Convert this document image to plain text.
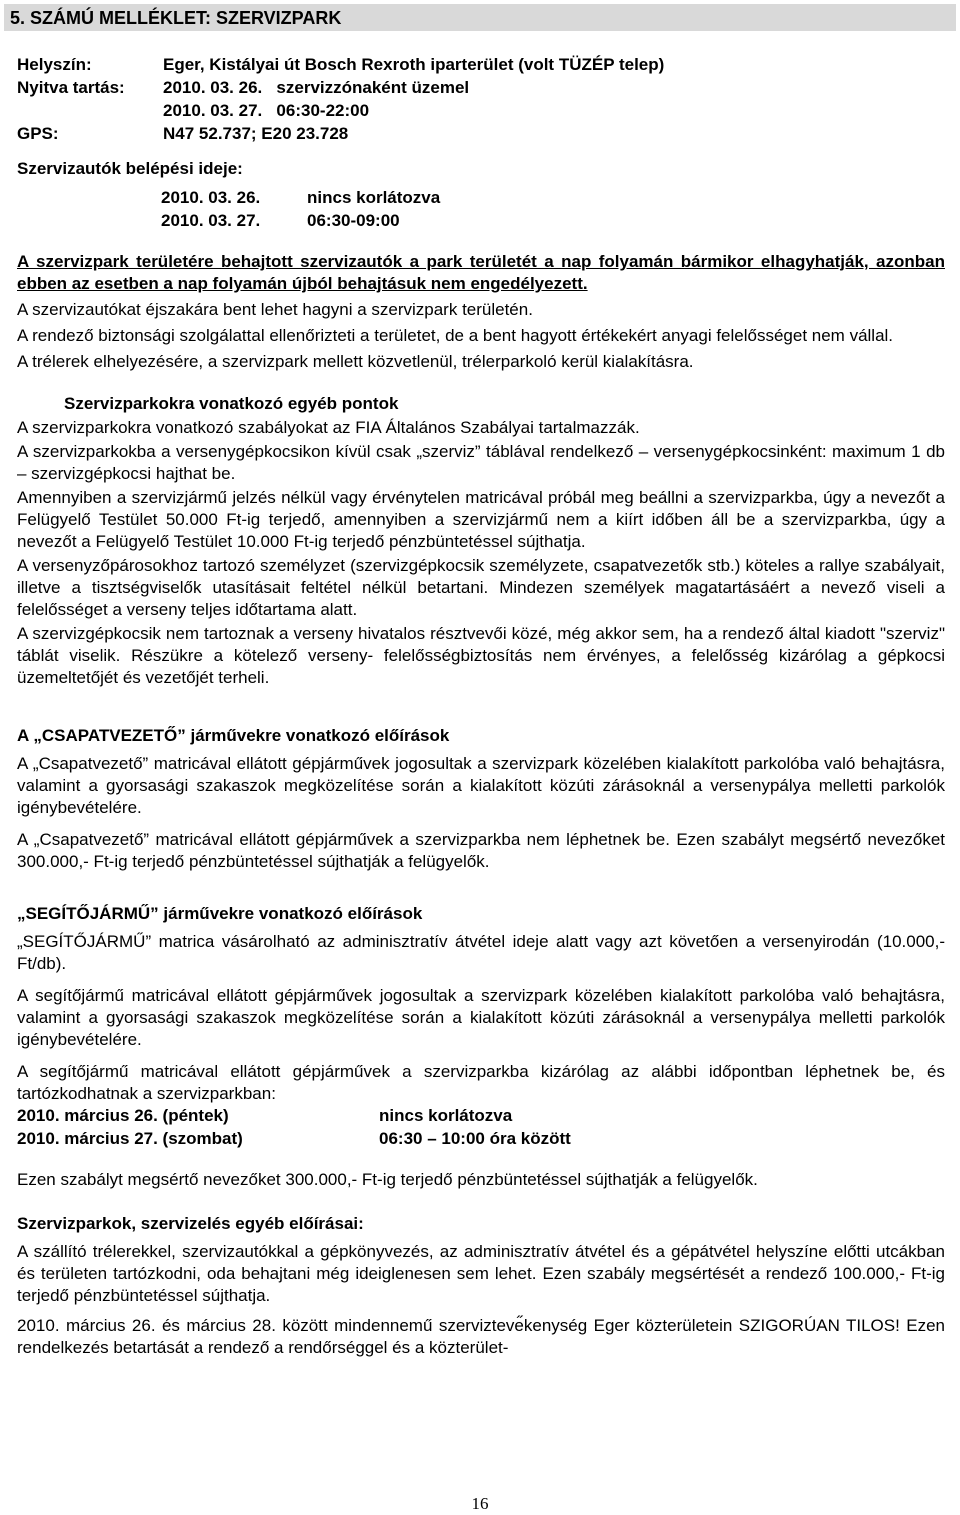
5. SZÁMÚ MELLÉKLET: SZERVIZPARK
Helyszín:	Eger, Kistályai út Bosch Rexroth iparterület (volt TÜZÉP telep)
Nyitva tartás:	2010. 03. 26.   szervizzónaként üzemel
2010. 03. 27.   06:30-22:00
GPS:	N47 52.737; E20 23.728
Szervizautók belépési ideje:
2010. 03. 26.	nincs korlátozva
2010. 03. 27.	06:30-09:00

A szervizpark területére behajtott szervizautók a park területét a nap folyamán bármikor elhagyhatják, azonban ebben az esetben a nap folyamán újból behajtásuk nem engedélyezett.

A szervizautókat éjszakára bent lehet hagyni a szervizpark területén.

A rendező biztonsági szolgálattal ellenőrizteti a területet, de a bent hagyott értékekért anyagi felelősséget nem vállal.

A trélerek elhelyezésére, a szervizpark mellett közvetlenül, trélerparkoló kerül kialakításra.

Szervizparkokra vonatkozó egyéb pontok

A szervizparkokra vonatkozó szabályokat az FIA Általános Szabályai tartalmazzák.

A szervizparkokba a versenygépkocsikon kívül csak „szerviz” táblával rendelkező – versenygépkocsinként: maximum 1 db – szervizgépkocsi hajthat be.

Amennyiben a szervizjármű jelzés nélkül vagy érvénytelen matricával próbál meg beállni a szervizparkba, úgy a nevezőt a Felügyelő Testület 50.000 Ft-ig terjedő, amennyiben a szervizjármű nem a kiírt időben áll be a szervizparkba, úgy a nevezőt a Felügyelő Testület 10.000 Ft-ig terjedő pénzbüntetéssel sújthatja.

A versenyzőpárosokhoz tartozó személyzet (szervizgépkocsik személyzete, csapatvezetők stb.) köteles a rallye szabályait, illetve a tisztségviselők utasításait feltétel nélkül betartani. Mindezen személyek magatartásáért a nevező viseli a felelősséget a verseny teljes időtartama alatt.

A szervizgépkocsik nem tartoznak a verseny hivatalos résztvevői közé, még akkor sem, ha a rendező által kiadott "szerviz" táblát viselik. Részükre a kötelező verseny- felelősségbiztosítás nem érvényes, a felelősség kizárólag a gépkocsi üzemeltetőjét és vezetőjét terheli.

A „CSAPATVEZETŐ” járművekre vonatkozó előírások

A „Csapatvezető” matricával ellátott gépjárművek jogosultak a szervizpark közelében kialakított parkolóba való behajtásra, valamint a gyorsasági szakaszok megközelítése során a kialakított közúti zárásoknál a versenypálya melletti parkolók igénybevételére.

A „Csapatvezető” matricával ellátott gépjárművek a szervizparkba nem léphetnek be. Ezen szabályt megsértő nevezőket 300.000,- Ft-ig terjedő pénzbüntetéssel sújthatják a felügyelők.

„SEGÍTŐJÁRMŰ” járművekre vonatkozó előírások

„SEGÍTŐJÁRMŰ” matrica vásárolható az adminisztratív átvétel ideje alatt vagy azt követően a versenyirodán (10.000,- Ft/db).

A segítőjármű matricával ellátott gépjárművek jogosultak a szervizpark közelében kialakított parkolóba való behajtásra, valamint a gyorsasági szakaszok megközelítése során a kialakított közúti zárásoknál a versenypálya melletti parkolók igénybevételére.

A segítőjármű matricával ellátott gépjárművek a szervizparkba kizárólag az alábbi időpontban léphetnek be, és tartózkodhatnak a szervizparkban:

2010. március 26. (péntek)	nincs korlátozva
2010. március 27. (szombat)	06:30 – 10:00 óra között

Ezen szabályt megsértő nevezőket 300.000,- Ft-ig terjedő pénzbüntetéssel sújthatják a felügyelők.

Szervizparkok, szervizelés egyéb előírásai:

A szállító trélerekkel, szervizautókkal a gépkönyvezés, az adminisztratív átvétel és a gépátvétel helyszíne előtti utcákban és területen tartózkodni, oda behajtani még ideiglenesen sem lehet. Ezen szabály megsértését a rendező 100.000,- Ft-ig terjedő pénzbüntetéssel sújthatja.

2010. március 26. és március 28. között mindennemű szervizteve̋kenység Eger közterületein SZIGORÚAN TILOS! Ezen rendelkezés betartását a rendező a rendőrséggel és a közterület-

16
